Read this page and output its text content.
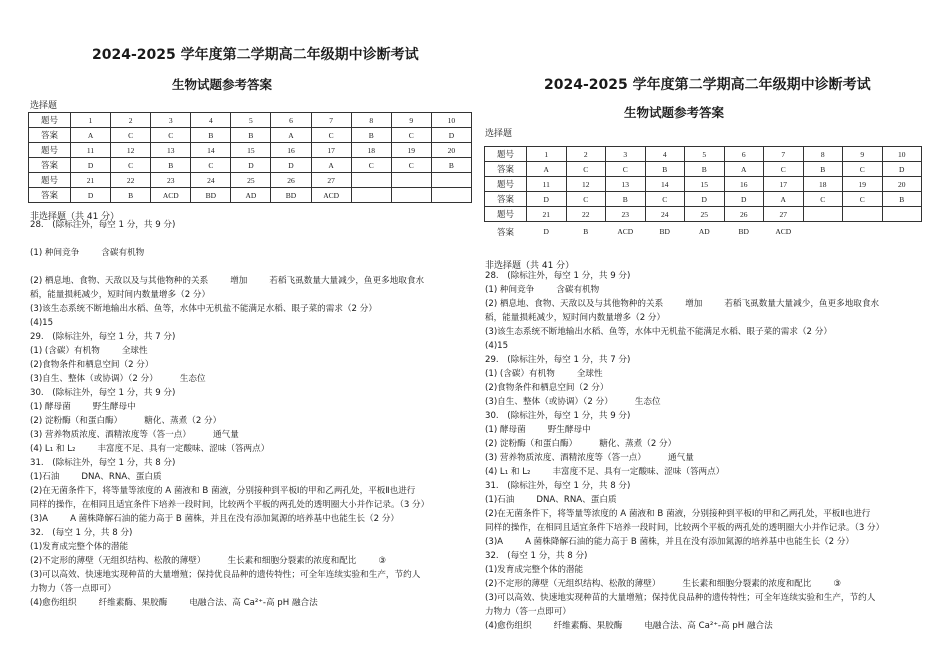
2024-2025 学年度第二学期高二年级期中诊断考试
生物试题参考答案
选择题
题号	1	2	3	4	5	6	7	8	9	10
答案	A	C	C	B	B	A	C	B	C	D
题号	11	12	13	14	15	16	17	18	19	20
答案	D	C	B	C	D	D	A	C	C	B
题号	21	22	23	24	25	26	27			
答案	D	B	ACD	BD	AD	BD	ACD			
非选择题（共 41 分）
28.　(除标注外，每空 1 分，共 9 分)
(1) 种间竞争	含碳有机物
(2) 栖息地、食物、天敌以及与其他物种的关系	增加	若稻飞虱数量大量减少，鱼更多地取食水
稻，能量损耗减少，短时间内数量增多（2 分）
(3)该生态系统不断地输出水稻、鱼等，水体中无机盐不能满足水稻、眼子菜的需求（2 分）
(4)15
29.　(除标注外，每空 1 分，共 7 分)
(1) (含碳）有机物	全球性
(2)食物条件和栖息空间（2 分）
(3)自生、整体（或协调）（2 分）	生态位
30.　(除标注外，每空 1 分，共 9 分)
(1) 酵母菌	野生酵母中
(2) 淀粉酶（和蛋白酶）	糖化、蒸煮（2 分）
(3) 营养物质浓度、酒精浓度等（答一点）	通气量
(4) L₁ 和 L₂	丰富度不足、具有一定酸味、涩味（答两点）
31.　(除标注外，每空 1 分，共 8 分)
(1)石油	DNA、RNA、蛋白质
(2)在无菌条件下，将等量等浓度的 A 菌液和 B 菌液，分别接种到平板Ⅰ的甲和乙两孔处，平板Ⅱ也进行
同样的操作，在相同且适宜条件下培养一段时间，比较两个平板的两孔处的透明圈大小并作记录。（3 分）
(3)A	A 菌株降解石油的能力高于 B 菌株，并且在没有添加氮源的培养基中也能生长（2 分）
32.　(每空 1 分，共 8 分)
(1)发育成完整个体的潜能
(2)不定形的薄壁（无组织结构、松散的薄壁）	生长素和细胞分裂素的浓度和配比	③
(3)可以高效、快速地实现种苗的大量增殖；保持优良品种的遗传特性；可全年连续实验和生产，节约人
力物力（答一点即可）
(4)愈伤组织	纤维素酶、果胶酶	电融合法、高 Ca²⁺-高 pH 融合法
2024-2025 学年度第二学期高二年级期中诊断考试
生物试题参考答案
选择题
题号	1	2	3	4	5	6	7	8	9	10
答案	A	C	C	B	B	A	C	B	C	D
题号	11	12	13	14	15	16	17	18	19	20
答案	D	C	B	C	D	D	A	C	C	B
题号	21	22	23	24	25	26	27			
答案	D	B	ACD	BD	AD	BD	ACD			
非选择题（共 41 分）
28.　(除标注外，每空 1 分，共 9 分)
(1) 种间竞争	含碳有机物
(2) 栖息地、食物、天敌以及与其他物种的关系	增加	若稻飞虱数量大量减少，鱼更多地取食水
稻，能量损耗减少，短时间内数量增多（2 分）
(3)该生态系统不断地输出水稻、鱼等，水体中无机盐不能满足水稻、眼子菜的需求（2 分）
(4)15
29.　(除标注外，每空 1 分，共 7 分)
(1) (含碳）有机物	全球性
(2)食物条件和栖息空间（2 分）
(3)自生、整体（或协调）（2 分）	生态位
30.　(除标注外，每空 1 分，共 9 分)
(1) 酵母菌	野生酵母中
(2) 淀粉酶（和蛋白酶）	糖化、蒸煮（2 分）
(3) 营养物质浓度、酒精浓度等（答一点）	通气量
(4) L₁ 和 L₂	丰富度不足、具有一定酸味、涩味（答两点）
31.　(除标注外，每空 1 分，共 8 分)
(1)石油	DNA、RNA、蛋白质
(2)在无菌条件下，将等量等浓度的 A 菌液和 B 菌液，分别接种到平板Ⅰ的甲和乙两孔处，平板Ⅱ也进行
同样的操作，在相同且适宜条件下培养一段时间，比较两个平板的两孔处的透明圈大小并作记录。（3 分）
(3)A	A 菌株降解石油的能力高于 B 菌株，并且在没有添加氮源的培养基中也能生长（2 分）
32.　(每空 1 分，共 8 分)
(1)发育成完整个体的潜能
(2)不定形的薄壁（无组织结构、松散的薄壁）	生长素和细胞分裂素的浓度和配比	③
(3)可以高效、快速地实现种苗的大量增殖；保持优良品种的遗传特性；可全年连续实验和生产，节约人
力物力（答一点即可）
(4)愈伤组织	纤维素酶、果胶酶	电融合法、高 Ca²⁺-高 pH 融合法
